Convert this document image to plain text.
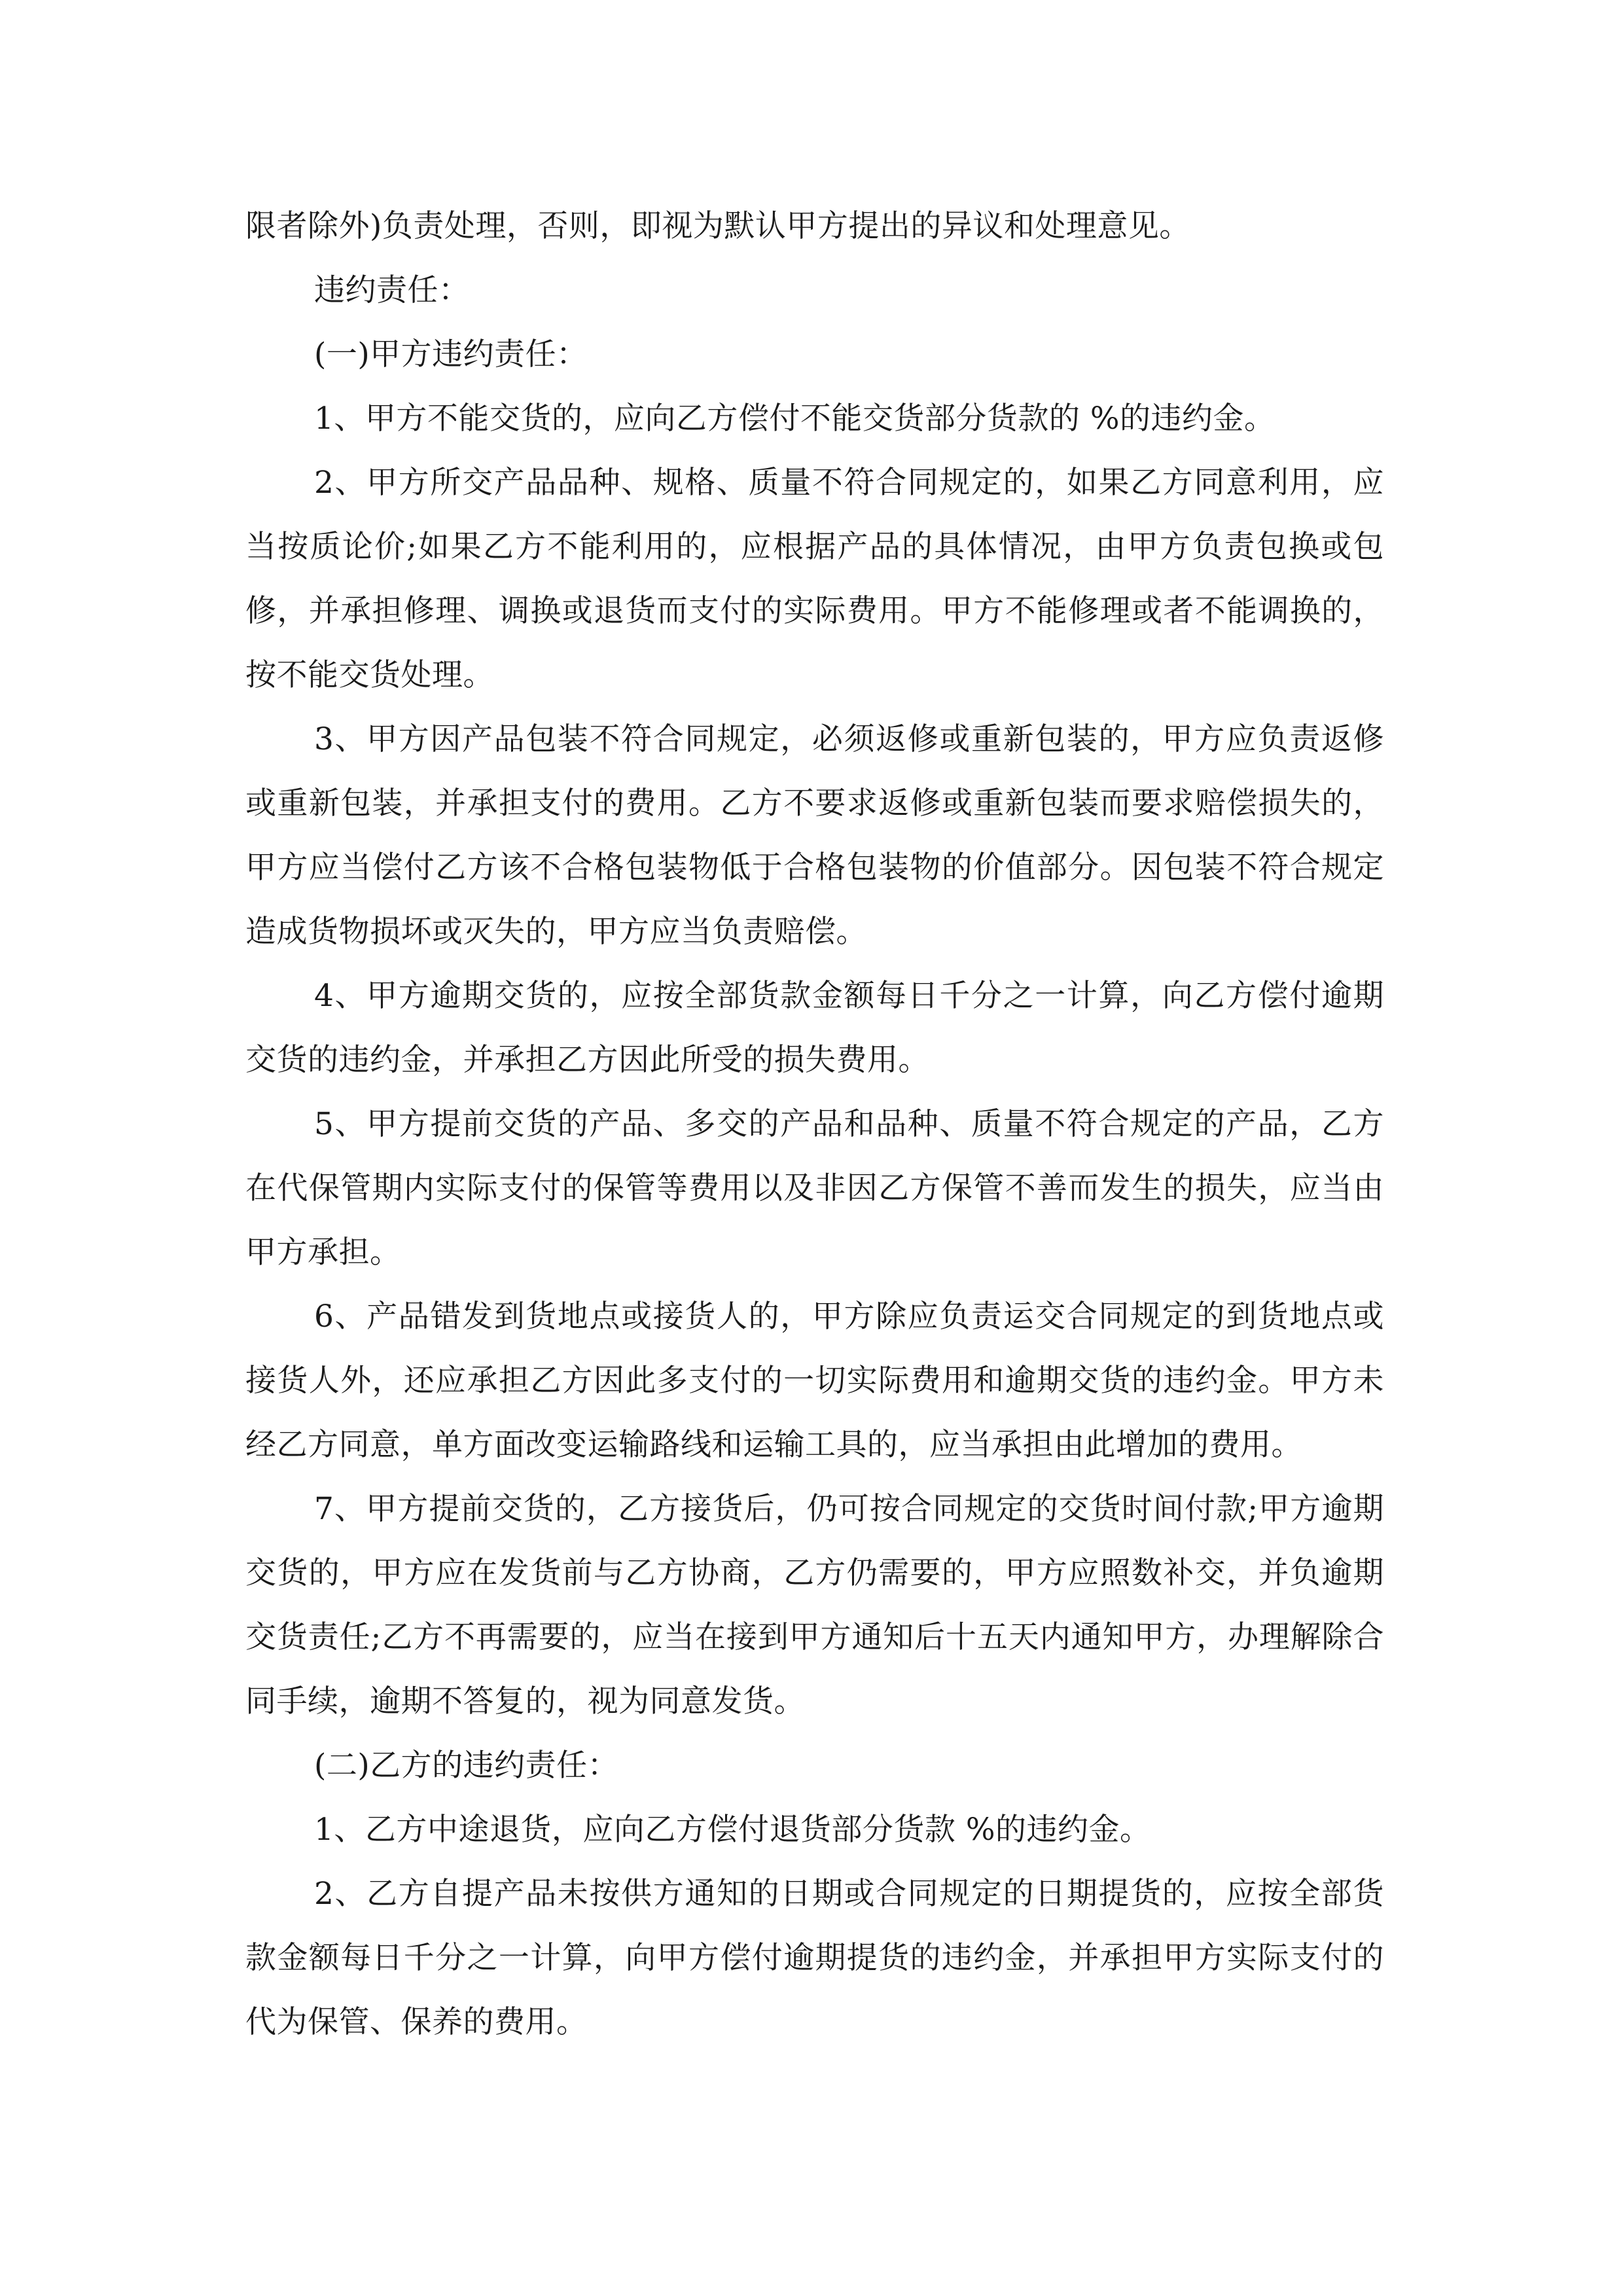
限者除外)负责处理，否则，即视为默认甲方提出的异议和处理意见。

违约责任：

(一)甲方违约责任：

1、甲方不能交货的，应向乙方偿付不能交货部分货款的 %的违约金。

2、甲方所交产品品种、规格、质量不符合同规定的，如果乙方同意利用，应当按质论价;如果乙方不能利用的，应根据产品的具体情况，由甲方负责包换或包修，并承担修理、调换或退货而支付的实际费用。甲方不能修理或者不能调换的，按不能交货处理。

3、甲方因产品包装不符合同规定，必须返修或重新包装的，甲方应负责返修或重新包装，并承担支付的费用。乙方不要求返修或重新包装而要求赔偿损失的，甲方应当偿付乙方该不合格包装物低于合格包装物的价值部分。因包装不符合规定造成货物损坏或灭失的，甲方应当负责赔偿。

4、甲方逾期交货的，应按全部货款金额每日千分之一计算，向乙方偿付逾期交货的违约金，并承担乙方因此所受的损失费用。

5、甲方提前交货的产品、多交的产品和品种、质量不符合规定的产品，乙方在代保管期内实际支付的保管等费用以及非因乙方保管不善而发生的损失，应当由甲方承担。

6、产品错发到货地点或接货人的，甲方除应负责运交合同规定的到货地点或接货人外，还应承担乙方因此多支付的一切实际费用和逾期交货的违约金。甲方未经乙方同意，单方面改变运输路线和运输工具的，应当承担由此增加的费用。

7、甲方提前交货的，乙方接货后，仍可按合同规定的交货时间付款;甲方逾期交货的，甲方应在发货前与乙方协商，乙方仍需要的，甲方应照数补交，并负逾期交货责任;乙方不再需要的，应当在接到甲方通知后十五天内通知甲方，办理解除合同手续，逾期不答复的，视为同意发货。

(二)乙方的违约责任：

1、乙方中途退货，应向乙方偿付退货部分货款 %的违约金。

2、乙方自提产品未按供方通知的日期或合同规定的日期提货的，应按全部货款金额每日千分之一计算，向甲方偿付逾期提货的违约金，并承担甲方实际支付的代为保管、保养的费用。
